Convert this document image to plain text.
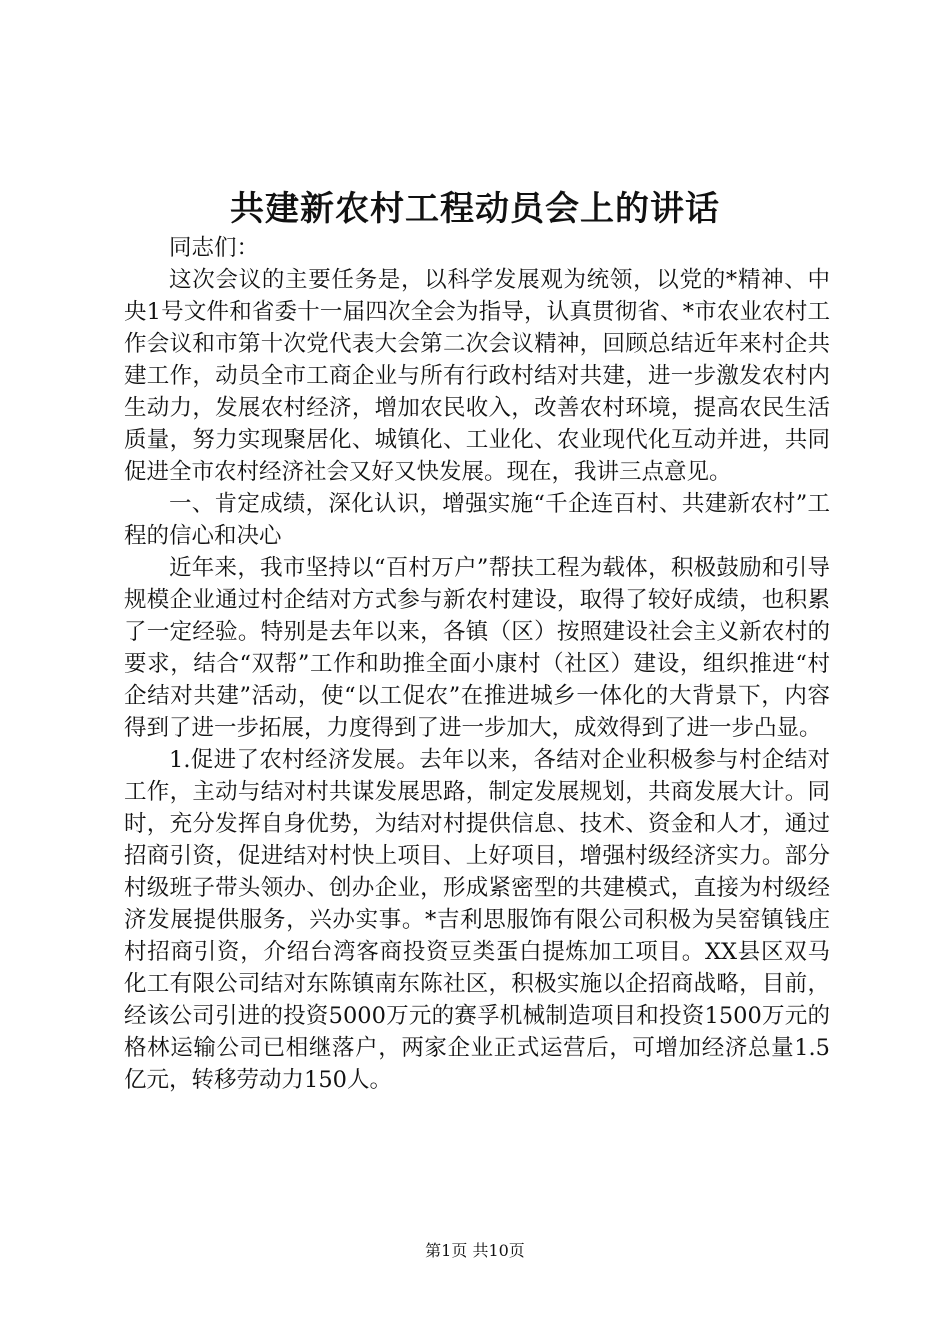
共建新农村工程动员会上的讲话

同志们：

这次会议的主要任务是，以科学发展观为统领，以党的*精神、中央1号文件和省委十一届四次全会为指导，认真贯彻省、*市农业农村工作会议和市第十次党代表大会第二次会议精神，回顾总结近年来村企共建工作，动员全市工商企业与所有行政村结对共建，进一步激发农村内生动力，发展农村经济，增加农民收入，改善农村环境，提高农民生活质量，努力实现聚居化、城镇化、工业化、农业现代化互动并进，共同促进全市农村经济社会又好又快发展。现在，我讲三点意见。

一、肯定成绩，深化认识，增强实施“千企连百村、共建新农村”工程的信心和决心

近年来，我市坚持以“百村万户”帮扶工程为载体，积极鼓励和引导规模企业通过村企结对方式参与新农村建设，取得了较好成绩，也积累了一定经验。特别是去年以来，各镇（区）按照建设社会主义新农村的要求，结合“双帮”工作和助推全面小康村（社区）建设，组织推进“村企结对共建”活动，使“以工促农”在推进城乡一体化的大背景下，内容得到了进一步拓展，力度得到了进一步加大，成效得到了进一步凸显。

1.促进了农村经济发展。去年以来，各结对企业积极参与村企结对工作，主动与结对村共谋发展思路，制定发展规划，共商发展大计。同时，充分发挥自身优势，为结对村提供信息、技术、资金和人才，通过招商引资，促进结对村快上项目、上好项目，增强村级经济实力。部分村级班子带头领办、创办企业，形成紧密型的共建模式，直接为村级经济发展提供服务，兴办实事。*吉利思服饰有限公司积极为吴窑镇钱庄村招商引资，介绍台湾客商投资豆类蛋白提炼加工项目。XX县区双马化工有限公司结对东陈镇南东陈社区，积极实施以企招商战略，目前，经该公司引进的投资5000万元的赛孚机械制造项目和投资1500万元的格林运输公司已相继落户，两家企业正式运营后，可增加经济总量1.5亿元，转移劳动力150人。

第1页 共10页
